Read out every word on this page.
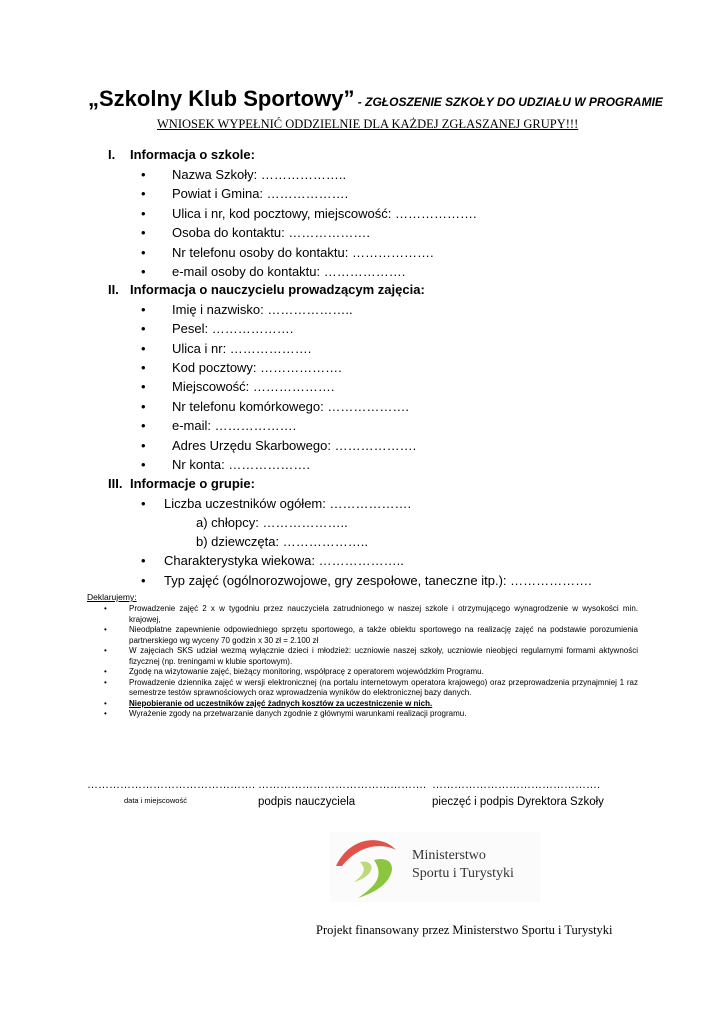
„Szkolny Klub Sportowy” - ZGŁOSZENIE SZKOŁY DO UDZIAŁU W PROGRAMIE
WNIOSEK WYPEŁNIĆ ODDZIELNIE DLA KAŻDEJ ZGŁASZANEJ GRUPY!!!
I. Informacja o szkole:
• Nazwa Szkoły: ………………..
• Powiat i Gmina: ……………….
• Ulica i nr, kod pocztowy, miejscowość: ……………….
• Osoba do kontaktu: ……………….
• Nr telefonu osoby do kontaktu: ……………….
• e-mail osoby do kontaktu: ……………….
II. Informacja o nauczycielu prowadzącym zajęcia:
• Imię i nazwisko: ………………..
• Pesel: ……………….
• Ulica i nr: ……………….
• Kod pocztowy: ……………….
• Miejscowość: ……………….
• Nr telefonu komórkowego: ……………….
• e-mail: ……………….
• Adres Urzędu Skarbowego: ……………….
• Nr konta: ……………….
III. Informacje o grupie:
• Liczba uczestników ogółem: ……………….
a) chłopcy: ………………..
b) dziewczęta: ………………..
• Charakterystyka wiekowa: ………………..
• Typ zajęć (ogólnorozwojowe, gry zespołowe, taneczne itp.): ……………….
Deklarujemy:
•	Prowadzenie zajęć 2 x w tygodniu przez nauczyciela zatrudnionego w naszej szkole i otrzymującego wynagrodzenie w wysokości min. krajowej,
•	Nieodpłatne zapewnienie odpowiedniego sprzętu sportowego, a także obiektu sportowego na realizację zajęć na podstawie porozumienia partnerskiego wg wyceny 70 godzin x 30 zł = 2.100 zł
•	W zajęciach SKS udział wezmą wyłącznie dzieci i młodzież: uczniowie naszej szkoły, uczniowie nieobjęci regularnymi formami aktywności fizycznej (np. treningami w klubie sportowym).
•	Zgodę na wizytowanie zajęć, bieżący monitoring, współpracę z operatorem wojewódzkim Programu.
•	Prowadzenie dziennika zajęć w wersji elektronicznej (na portalu internetowym operatora krajowego) oraz przeprowadzenia przynajmniej 1 raz semestrze testów sprawnościowych oraz wprowadzenia wyników do elektronicznej bazy danych.
•	Niepobieranie od uczestników zajęć żadnych kosztów za uczestniczenie w nich.
•	Wyrażenie zgody na przetwarzanie danych zgodnie z głównymi warunkami realizacji programu.
………………………………………. ………………………………………. ……………………………………….
data i miejscowość	podpis nauczyciela	pieczęć i podpis Dyrektora Szkoły
Ministerstwo
Sportu i Turystyki
Projekt finansowany przez Ministerstwo Sportu i Turystyki
